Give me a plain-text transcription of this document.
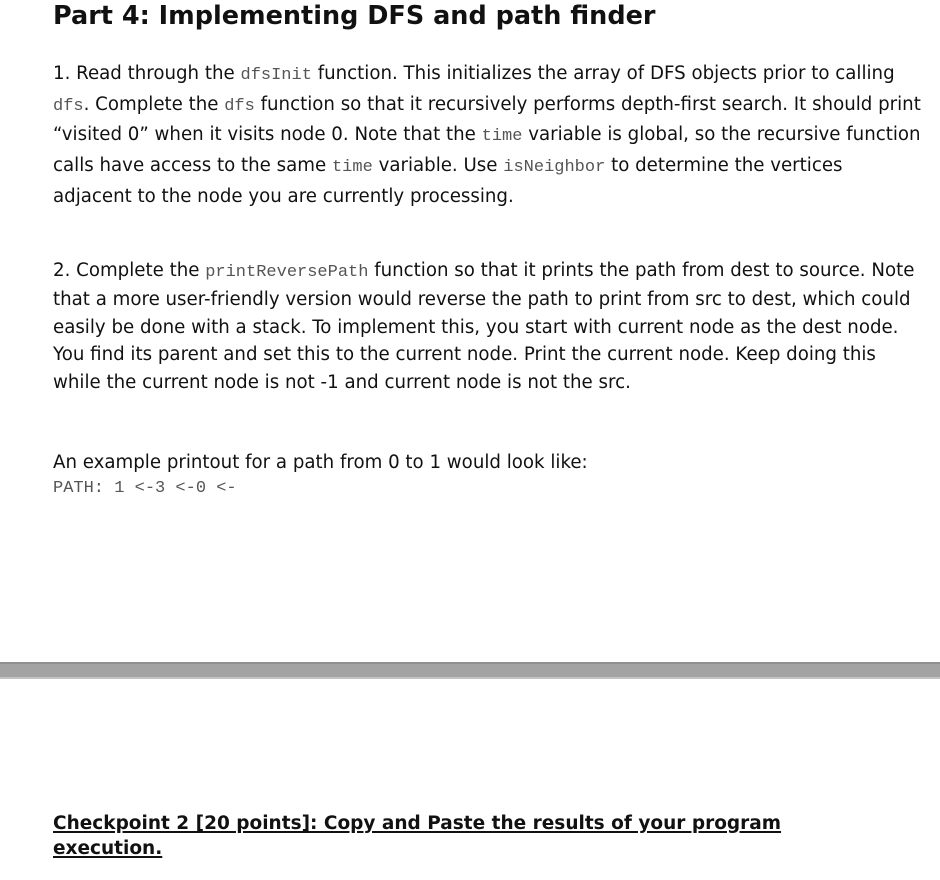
Part 4: Implementing DFS and path finder

1. Read through the dfsInit function. This initializes the array of DFS objects prior to calling dfs. Complete the dfs function so that it recursively performs depth-first search. It should print “visited 0” when it visits node 0. Note that the time variable is global, so the recursive function calls have access to the same time variable. Use isNeighbor to determine the vertices adjacent to the node you are currently processing.

2. Complete the printReversePath function so that it prints the path from dest to source. Note that a more user-friendly version would reverse the path to print from src to dest, which could easily be done with a stack. To implement this, you start with current node as the dest node. You find its parent and set this to the current node. Print the current node. Keep doing this while the current node is not -1 and current node is not the src.

An example printout for a path from 0 to 1 would look like:

PATH: 1 <-3 <-0 <-

Checkpoint 2 [20 points]: Copy and Paste the results of your program execution.
